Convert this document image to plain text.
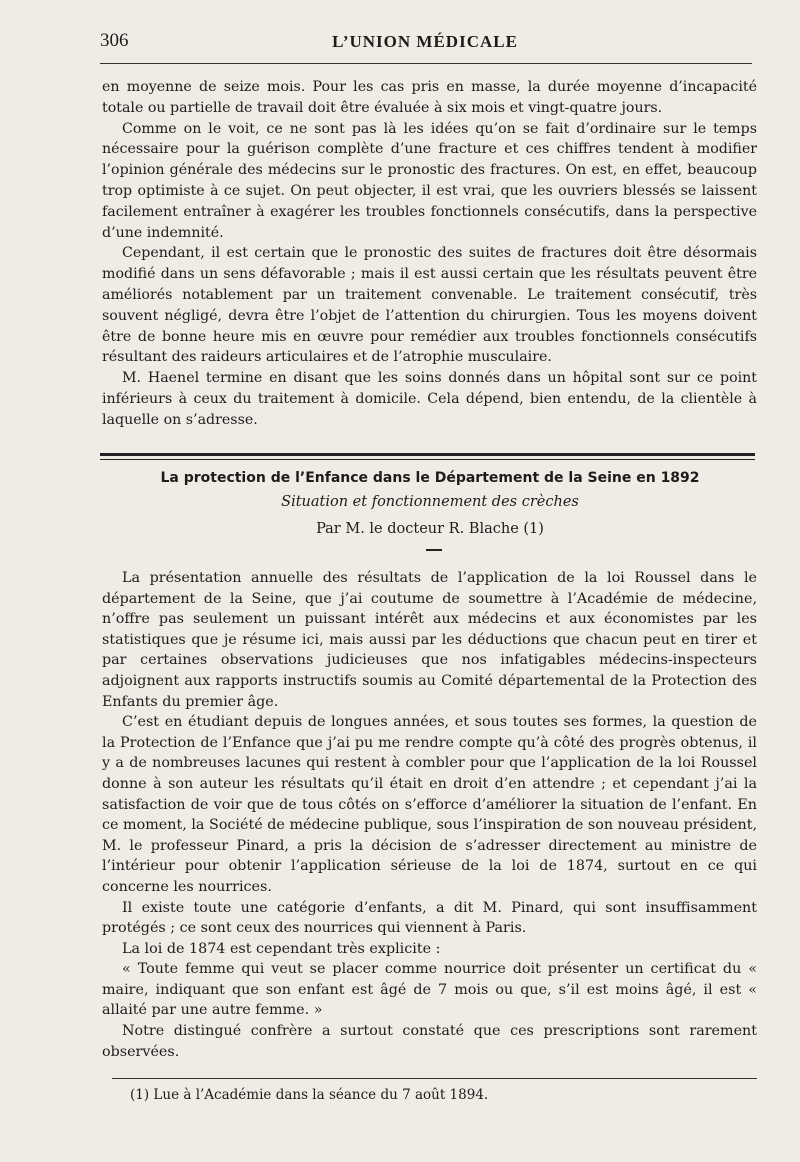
306	L’UNION MÉDICALE

en moyenne de seize mois. Pour les cas pris en masse, la durée moyenne d’incapacité totale ou partielle de travail doit être évaluée à six mois et vingt-quatre jours.

Comme on le voit, ce ne sont pas là les idées qu’on se fait d’ordinaire sur le temps nécessaire pour la guérison complète d’une fracture et ces chiffres tendent à modifier l’opinion générale des médecins sur le pronostic des fractures. On est, en effet, beaucoup trop optimiste à ce sujet. On peut objecter, il est vrai, que les ouvriers blessés se laissent facilement entraîner à exagérer les troubles fonctionnels consécutifs, dans la perspective d’une indemnité.

Cependant, il est certain que le pronostic des suites de fractures doit être désormais modifié dans un sens défavorable ; mais il est aussi certain que les résultats peuvent être améliorés notablement par un traitement convenable. Le traitement consécutif, très souvent négligé, devra être l’objet de l’attention du chirurgien. Tous les moyens doivent être de bonne heure mis en œuvre pour remédier aux troubles fonctionnels consécutifs résultant des raideurs articulaires et de l’atrophie musculaire.

M. Haenel termine en disant que les soins donnés dans un hôpital sont sur ce point inférieurs à ceux du traitement à domicile. Cela dépend, bien entendu, de la clientèle à laquelle on s’adresse.

La protection de l’Enfance dans le Département de la Seine en 1892
Situation et fonctionnement des crèches
Par M. le docteur R. Blache (1)

La présentation annuelle des résultats de l’application de la loi Roussel dans le département de la Seine, que j’ai coutume de soumettre à l’Académie de médecine, n’offre pas seulement un puissant intérêt aux médecins et aux économistes par les statistiques que je résume ici, mais aussi par les déductions que chacun peut en tirer et par certaines observations judicieuses que nos infatigables médecins-inspecteurs adjoignent aux rapports instructifs soumis au Comité départemental de la Protection des Enfants du premier âge.

C’est en étudiant depuis de longues années, et sous toutes ses formes, la question de la Protection de l’Enfance que j’ai pu me rendre compte qu’à côté des progrès obtenus, il y a de nombreuses lacunes qui restent à combler pour que l’application de la loi Roussel donne à son auteur les résultats qu’il était en droit d’en attendre ; et cependant j’ai la satisfaction de voir que de tous côtés on s’efforce d’améliorer la situation de l’enfant. En ce moment, la Société de médecine publique, sous l’inspiration de son nouveau président, M. le professeur Pinard, a pris la décision de s’adresser directement au ministre de l’intérieur pour obtenir l’application sérieuse de la loi de 1874, surtout en ce qui concerne les nourrices.

Il existe toute une catégorie d’enfants, a dit M. Pinard, qui sont insuffisamment protégés ; ce sont ceux des nourrices qui viennent à Paris.

La loi de 1874 est cependant très explicite :

« Toute femme qui veut se placer comme nourrice doit présenter un certificat du « maire, indiquant que son enfant est âgé de 7 mois ou que, s’il est moins âgé, il est « allaité par une autre femme. »

Notre distingué confrère a surtout constaté que ces prescriptions sont rarement observées.

(1) Lue à l’Académie dans la séance du 7 août 1894.
